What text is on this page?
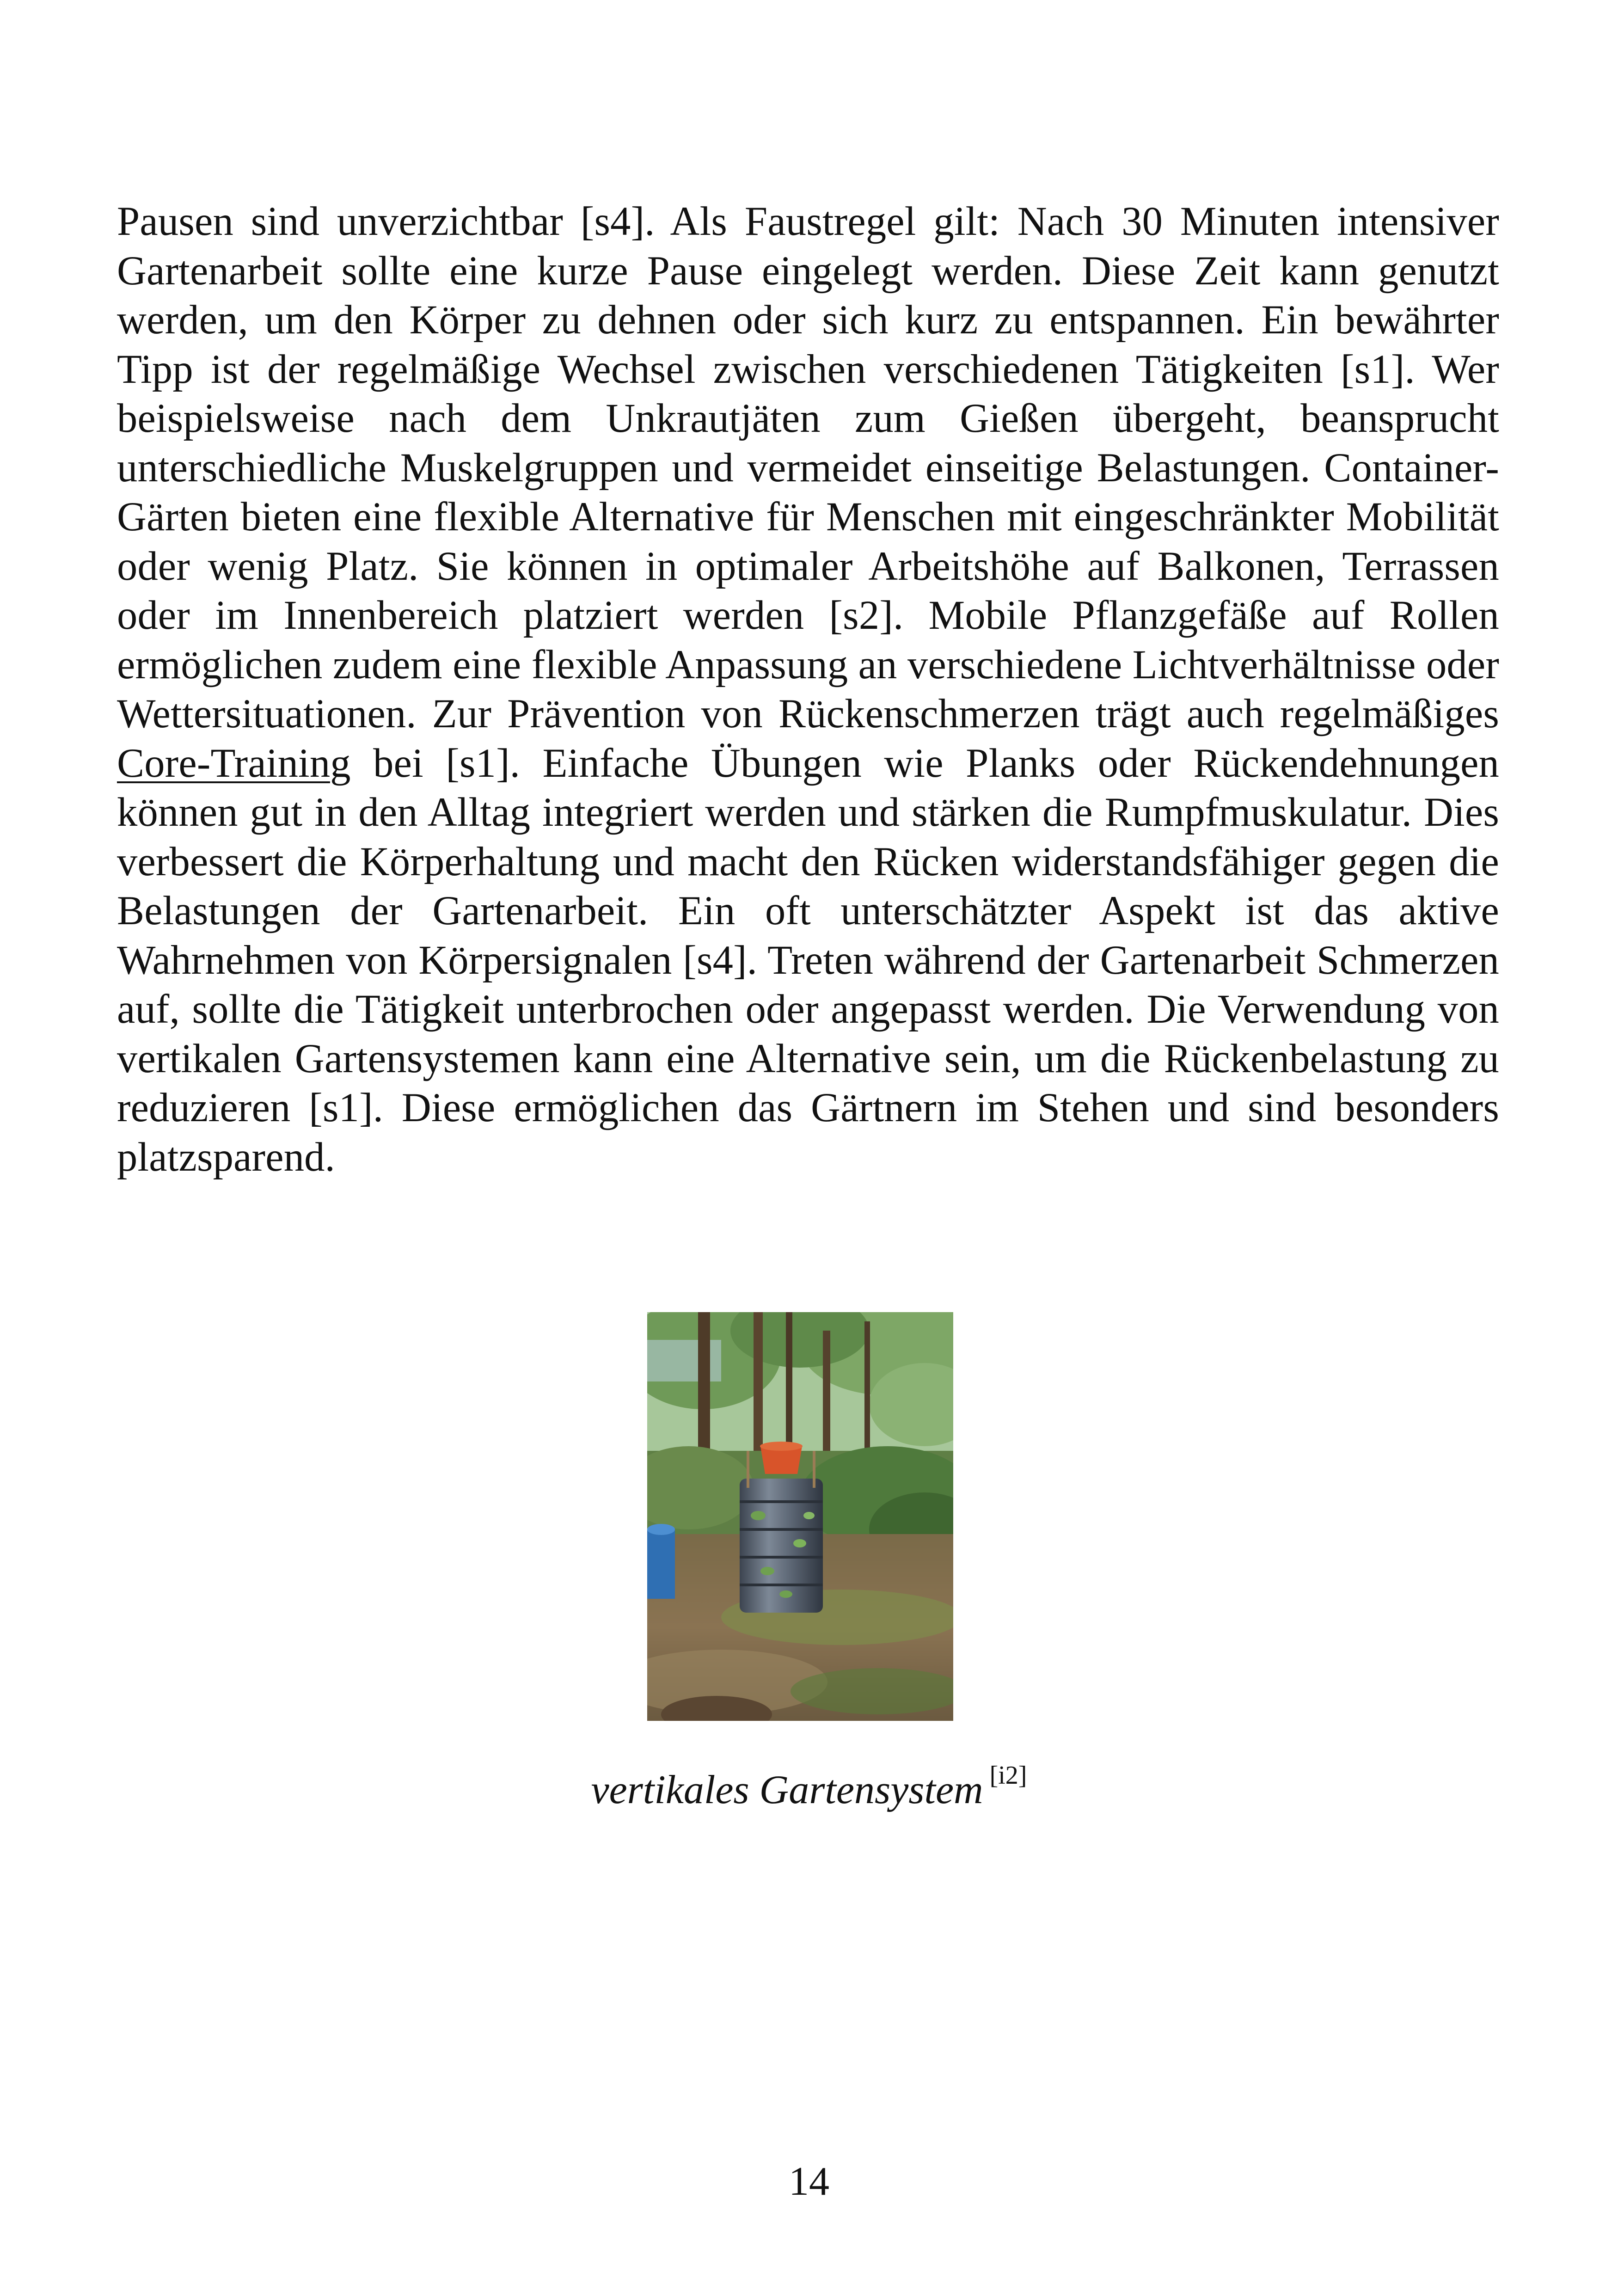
Pausen sind unverzichtbar [s4]. Als Faustregel gilt: Nach 30 Minuten intensiver Gartenarbeit sollte eine kurze Pause eingelegt werden. Diese Zeit kann genutzt werden, um den Körper zu dehnen oder sich kurz zu entspannen. Ein bewährter Tipp ist der regelmäßige Wechsel zwischen verschiedenen Tätigkeiten [s1]. Wer beispielsweise nach dem Unkrautjäten zum Gießen übergeht, beansprucht unterschiedliche Muskelgruppen und vermeidet einseitige Belastungen. Container-Gärten bieten eine flexible Alternative für Menschen mit eingeschränkter Mobilität oder wenig Platz. Sie können in optimaler Arbeitshöhe auf Balkonen, Terrassen oder im Innenbereich platziert werden [s2]. Mobile Pflanzgefäße auf Rollen ermöglichen zudem eine flexible Anpassung an verschiedene Lichtverhältnisse oder Wettersituationen. Zur Prävention von Rückenschmerzen trägt auch regelmäßiges Core-Training bei [s1]. Einfache Übungen wie Planks oder Rückendehnungen können gut in den Alltag integriert werden und stärken die Rumpfmuskulatur. Dies verbessert die Körperhaltung und macht den Rücken widerstandsfähiger gegen die Belastungen der Gartenarbeit. Ein oft unterschätzter Aspekt ist das aktive Wahrnehmen von Körpersignalen [s4]. Treten während der Gartenarbeit Schmerzen auf, sollte die Tätigkeit unterbrochen oder angepasst werden. Die Verwendung von vertikalen Gartensystemen kann eine Alternative sein, um die Rückenbelastung zu reduzieren [s1]. Diese ermöglichen das Gärtnern im Stehen und sind besonders platzsparend.

vertikales Gartensystem [i2]

14
